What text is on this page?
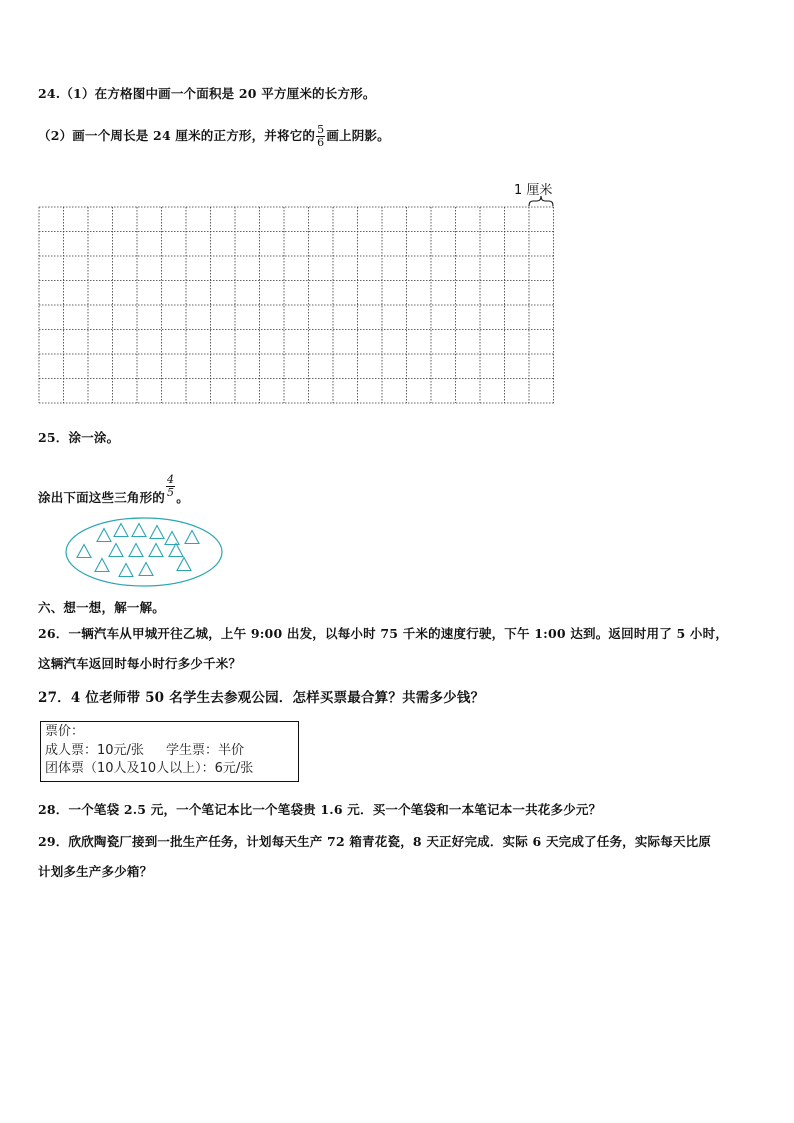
24.（1）在方格图中画一个面积是 20 平方厘米的长方形。
（2）画一个周长是 24 厘米的正方形，并将它的 $\frac{5}{6}$ 画上阴影。
1 厘米
25．涂一涂。
涂出下面这些三角形的 $\frac{4}{5}$ 。
六、想一想，解一解。
26．一辆汽车从甲城开往乙城，上午 9:00 出发，以每小时 75 千米的速度行驶，下午 1:00 达到。返回时用了 5 小时，
这辆汽车返回时每小时行多少千米？
27．4 位老师带 50 名学生去参观公园．怎样买票最合算？共需多少钱？
票价：
成人票：10元/张 学生票：半价
团体票（10人及10人以上）：6元/张
28．一个笔袋 2.5 元，一个笔记本比一个笔袋贵 1.6 元．买一个笔袋和一本笔记本一共花多少元？
29．欣欣陶瓷厂接到一批生产任务，计划每天生产 72 箱青花瓷，8 天正好完成．实际 6 天完成了任务，实际每天比原
计划多生产多少箱？
